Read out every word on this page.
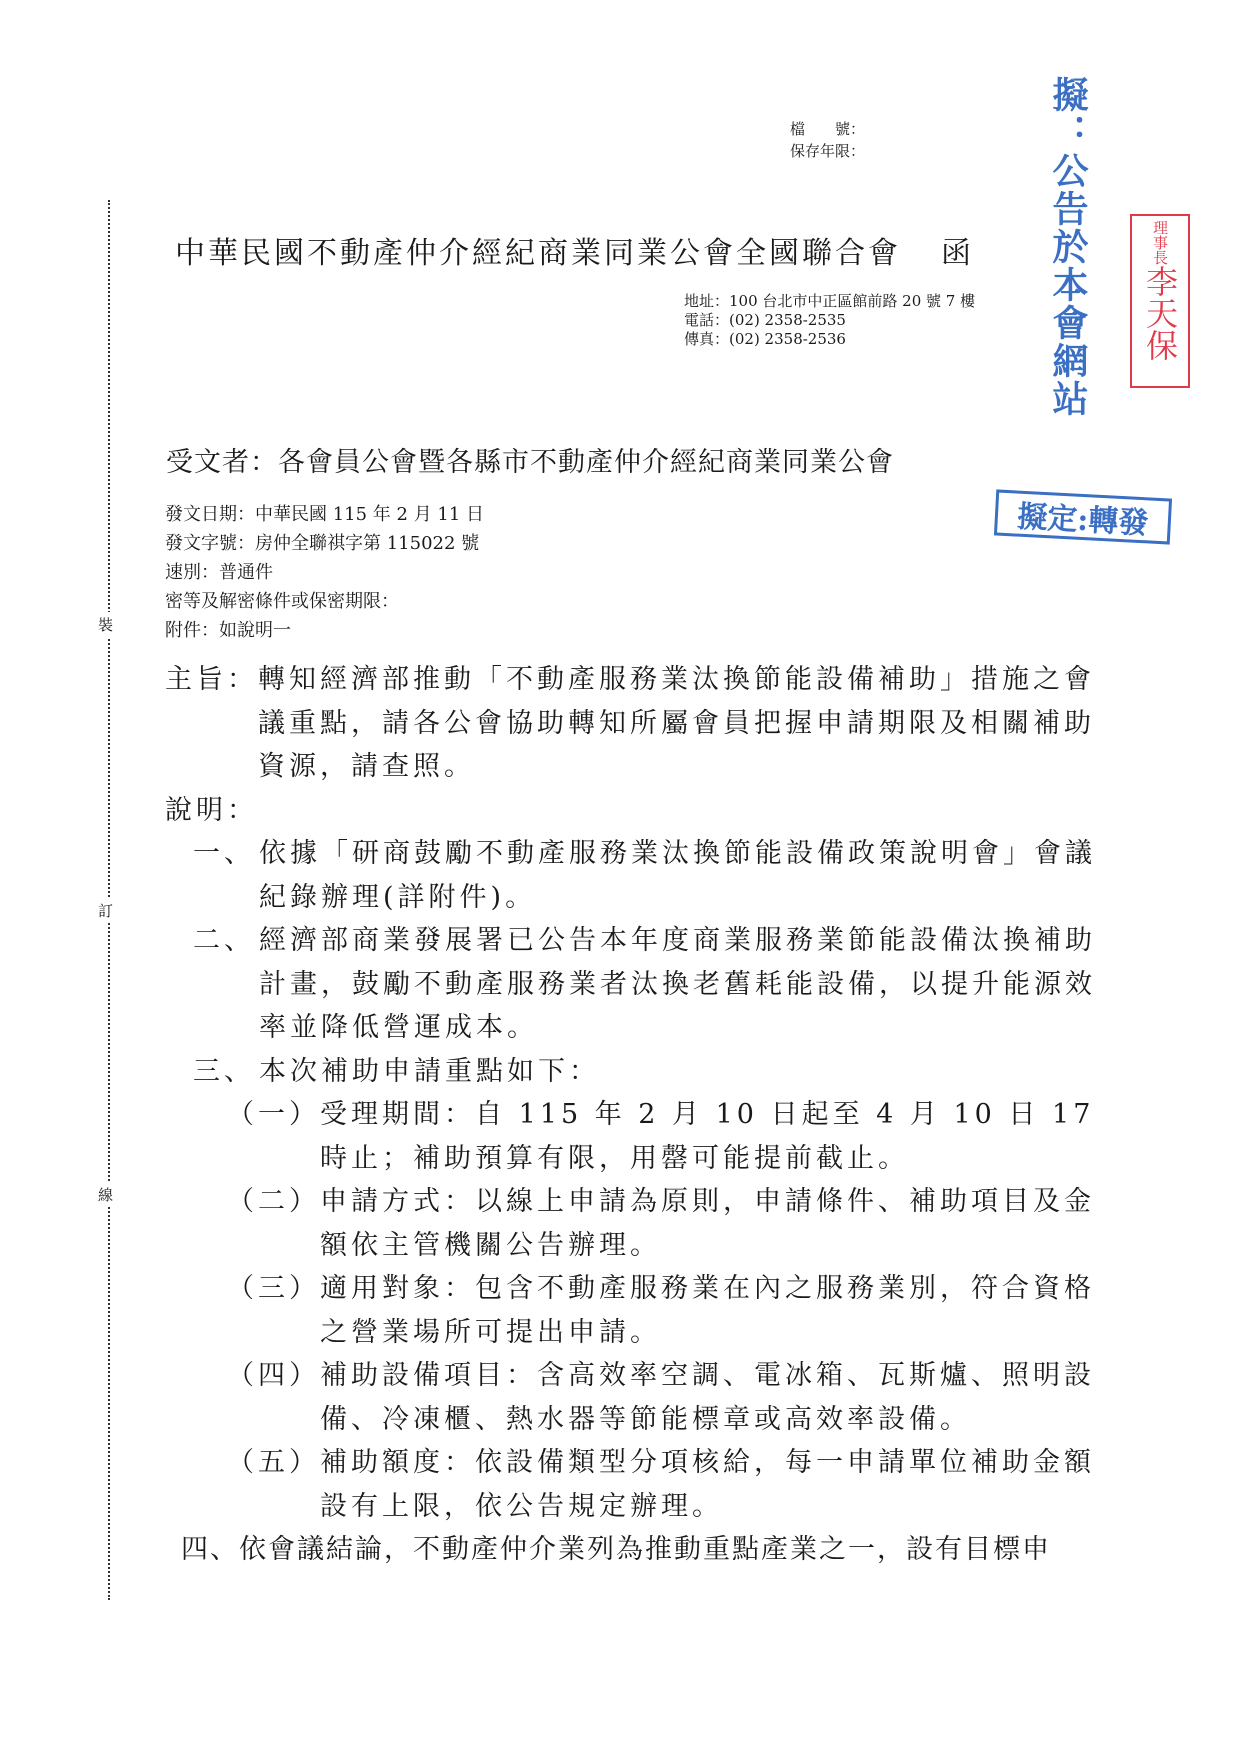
裝
訂
線
檔　　號：
保存年限：
中華民國不動產仲介經紀商業同業公會全國聯合會 函
地址：100 台北市中正區館前路 20 號 7 樓
電話：(02) 2358-2535
傳真：(02) 2358-2536	擬：公告於本會網站	理事長
李天保
擬定:轉發
受文者：各會員公會暨各縣市不動產仲介經紀商業同業公會
發文日期：中華民國 115 年 2 月 11 日
發文字號：房仲全聯祺字第 115022 號
速別：普通件
密等及解密條件或保密期限：
附件：如說明一
主旨： 轉知經濟部推動「不動產服務業汰換節能設備補助」措施之會議重點，請各公會協助轉知所屬會員把握申請期限及相關補助資源，請查照。
說明：
一、 依據「研商鼓勵不動產服務業汰換節能設備政策說明會」會議紀錄辦理(詳附件)。
二、 經濟部商業發展署已公告本年度商業服務業節能設備汰換補助計畫，鼓勵不動產服務業者汰換老舊耗能設備，以提升能源效率並降低營運成本。
三、 本次補助申請重點如下：
（一） 受理期間：自 115 年 2 月 10 日起至 4 月 10 日 17 時止；補助預算有限，用罄可能提前截止。
（二） 申請方式：以線上申請為原則，申請條件、補助項目及金額依主管機關公告辦理。
（三） 適用對象：包含不動產服務業在內之服務業別，符合資格之營業場所可提出申請。
（四） 補助設備項目：含高效率空調、電冰箱、瓦斯爐、照明設備、冷凍櫃、熱水器等節能標章或高效率設備。
（五） 補助額度：依設備類型分項核給，每一申請單位補助金額設有上限，依公告規定辦理。
四、依會議結論，不動產仲介業列為推動重點產業之一，設有目標申
